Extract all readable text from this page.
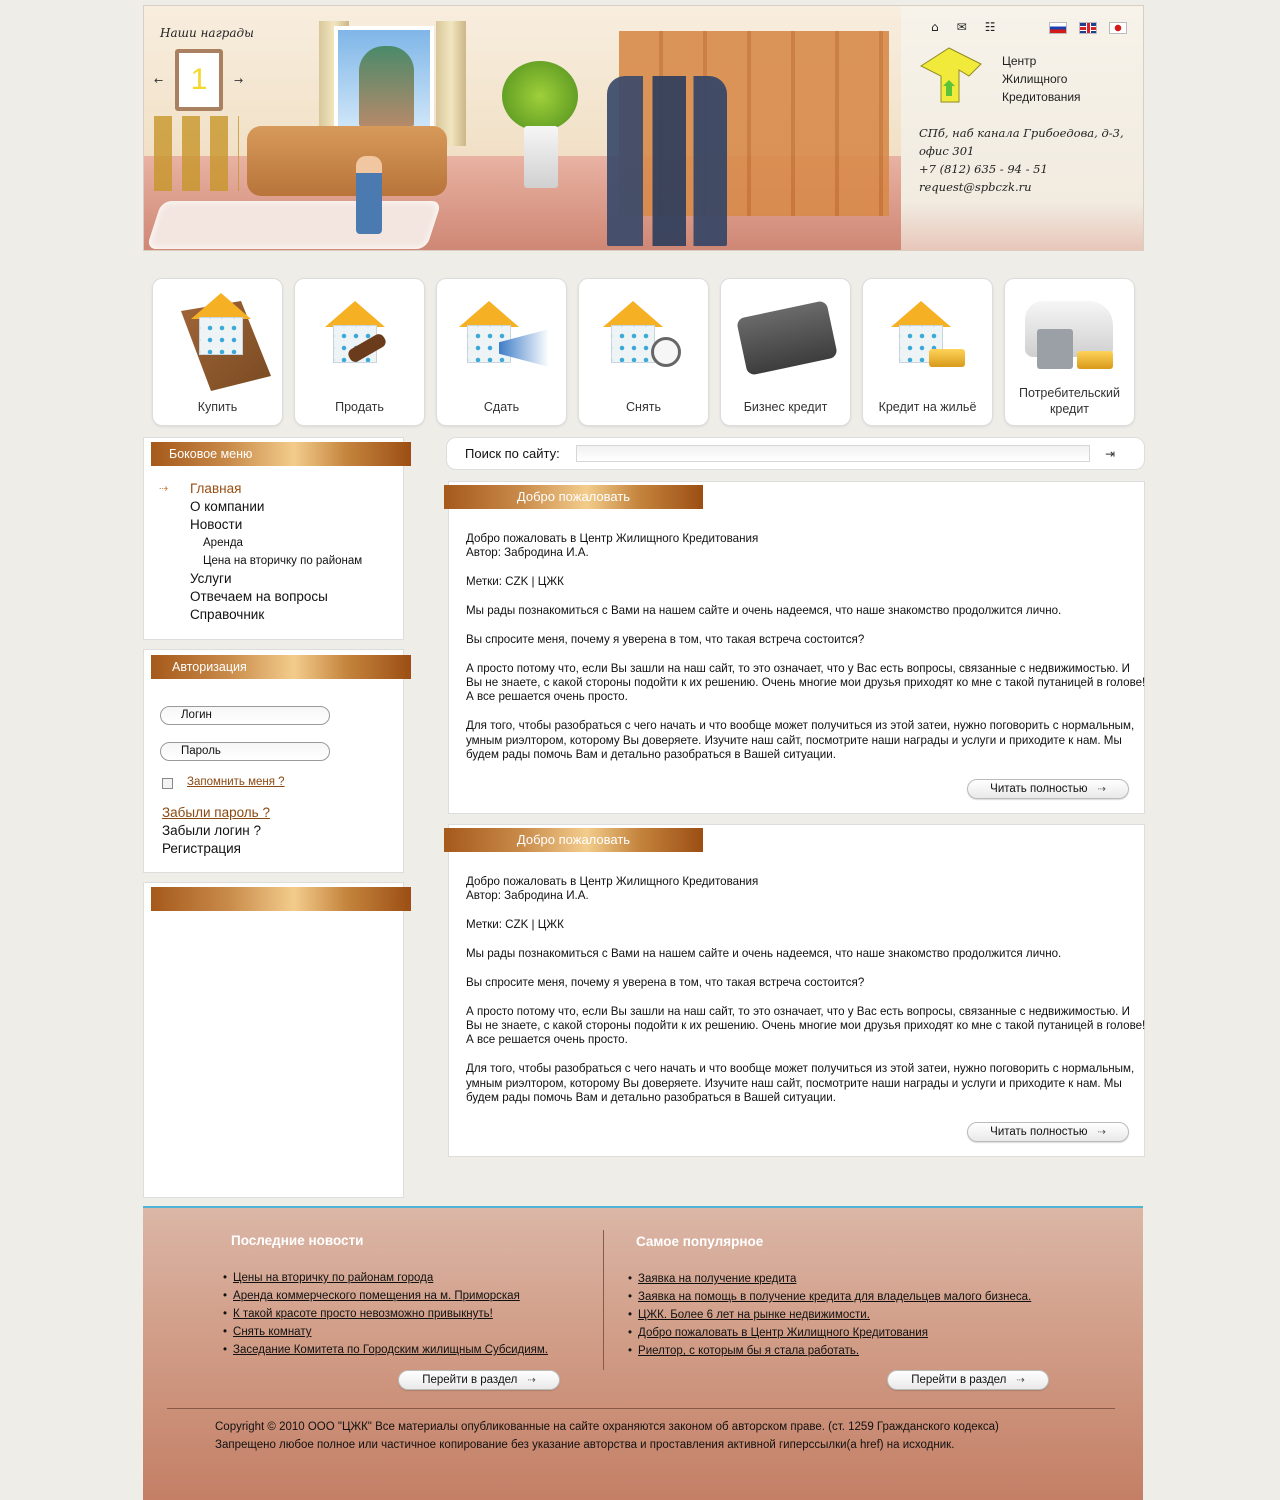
Наши награды
← 1	→
⌂ ✉ ☷
Центр
Жилищного
Кредитования
СПб, наб канала Грибоедова, д-3,
офис 301
+7 (812) 635 - 94 - 51
request@spbczk.ru
Купить	Продать	Сдать	Снять	Бизнес кредит	Кредит на жильё
Потребительский кредит
Боковое меню
⇢ Главная
О компании
Новости
Аренда
Цена на вторичку по районам
Услуги
Отвечаем на вопросы
Справочник
Авторизация
Логин
Пароль
Запомнить меня ?
Забыли пароль ?
Забыли логин ?
Регистрация
Поиск по сайту:	⇥
Добро пожаловать

Добро пожаловать в Центр Жилищного Кредитования

Автор: Забродина И.А.

Метки: CZK | ЦЖК

Мы рады познакомиться с Вами на нашем сайте и очень надеемся, что наше знакомство продолжится лично.

Вы спросите меня, почему я уверена в том, что такая встреча состоится?

А просто потому что, если Вы зашли на наш сайт, то это означает, что у Вас есть вопросы, связанные с недвижимостью. И Вы не знаете, с какой стороны подойти к их решению. Очень многие мои друзья приходят ко мне с такой путаницей в голове! А все решается очень просто.

Для того, чтобы разобраться с чего начать и что вообще может получиться из этой затеи, нужно поговорить с нормальным, умным риэлтором, которому Вы доверяете. Изучите наш сайт, посмотрите наши награды и услуги и приходите к нам. Мы будем рады помочь Вам и детально разобраться в Вашей ситуации.

Читать полностью ⇢
Добро пожаловать

Добро пожаловать в Центр Жилищного Кредитования

Автор: Забродина И.А.

Метки: CZK | ЦЖК

Мы рады познакомиться с Вами на нашем сайте и очень надеемся, что наше знакомство продолжится лично.

Вы спросите меня, почему я уверена в том, что такая встреча состоится?

А просто потому что, если Вы зашли на наш сайт, то это означает, что у Вас есть вопросы, связанные с недвижимостью. И Вы не знаете, с какой стороны подойти к их решению. Очень многие мои друзья приходят ко мне с такой путаницей в голове! А все решается очень просто.

Для того, чтобы разобраться с чего начать и что вообще может получиться из этой затеи, нужно поговорить с нормальным, умным риэлтором, которому Вы доверяете. Изучите наш сайт, посмотрите наши награды и услуги и приходите к нам. Мы будем рады помочь Вам и детально разобраться в Вашей ситуации.

Читать полностью ⇢
Последние новости
• Цены на вторичку по районам города
• Аренда коммерческого помещения на м. Приморская
• К такой красоте просто невозможно привыкнуть!
• Снять комнату
• Заседание Комитета по Городским жилищным Субсидиям.
Перейти в раздел ⇢
Самое популярное
• Заявка на получение кредита
• Заявка на помощь в получение кредита для владельцев малого бизнеса.
• ЦЖК. Более 6 лет на рынке недвижимости.
• Добро пожаловать в Центр Жилищного Кредитования
• Риелтор, с которым бы я стала работать.
Перейти в раздел ⇢
Copyright © 2010 ООО "ЦЖК" Все материалы опубликованные на сайте охраняются законом об авторском праве. (ст. 1259 Гражданского кодекса)
Запрещено любое полное или частичное копирование без указание авторства и проставления активной гиперссылки(a href) на исходник.
